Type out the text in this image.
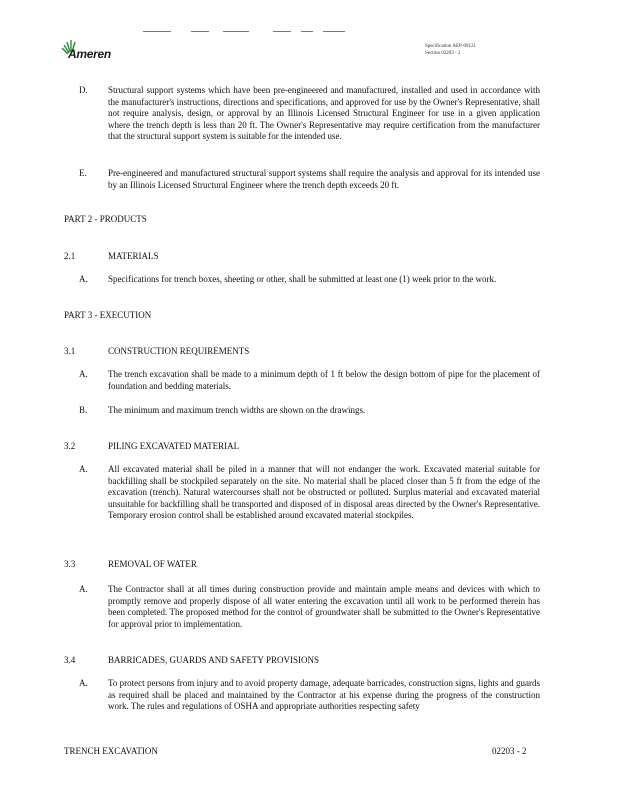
Ameren
Specification AEP-00121
Section 02203 - 2
D. Structural support systems which have been pre-engineered and manufactured, installed and used in accordance with the manufacturer's instructions, directions and specifications, and approved for use by the Owner's Representative, shall not require analysis, design, or approval by an Illinois Licensed Structural Engineer for use in a given application where the trench depth is less than 20 ft. The Owner's Representative may require certification from the manufacturer that the structural support system is suitable for the intended use.
E. Pre-engineered and manufactured structural support systems shall require the analysis and approval for its intended use by an Illinois Licensed Structural Engineer where the trench depth exceeds 20 ft.
PART 2 - PRODUCTS
2.1	MATERIALS
A. Specifications for trench boxes, sheeting or other, shall be submitted at least one (1) week prior to the work.
PART 3 - EXECUTION
3.1	CONSTRUCTION REQUIREMENTS
A. The trench excavation shall be made to a minimum depth of 1 ft below the design bottom of pipe for the placement of foundation and bedding materials.
B. The minimum and maximum trench widths are shown on the drawings.
3.2	PILING EXCAVATED MATERIAL
A. All excavated material shall be piled in a manner that will not endanger the work. Excavated material suitable for backfilling shall be stockpiled separately on the site. No material shall be placed closer than 5 ft from the edge of the excavation (trench). Natural watercourses shall not be obstructed or polluted. Surplus material and excavated material unsuitable for backfilling shall be transported and disposed of in disposal areas directed by the Owner's Representative. Temporary erosion control shall be established around excavated material stockpiles.
3.3	REMOVAL OF WATER
A. The Contractor shall at all times during construction provide and maintain ample means and devices with which to promptly remove and properly dispose of all water entering the excavation until all work to be performed therein has been completed. The proposed method for the control of groundwater shall be submitted to the Owner's Representative for approval prior to implementation.
3.4	BARRICADES, GUARDS AND SAFETY PROVISIONS
A. To protect persons from injury and to avoid property damage, adequate barricades, construction signs, lights and guards as required shall be placed and maintained by the Contractor at his expense during the progress of the construction work. The rules and regulations of OSHA and appropriate authorities respecting safety
TRENCH EXCAVATION	02203 - 2
